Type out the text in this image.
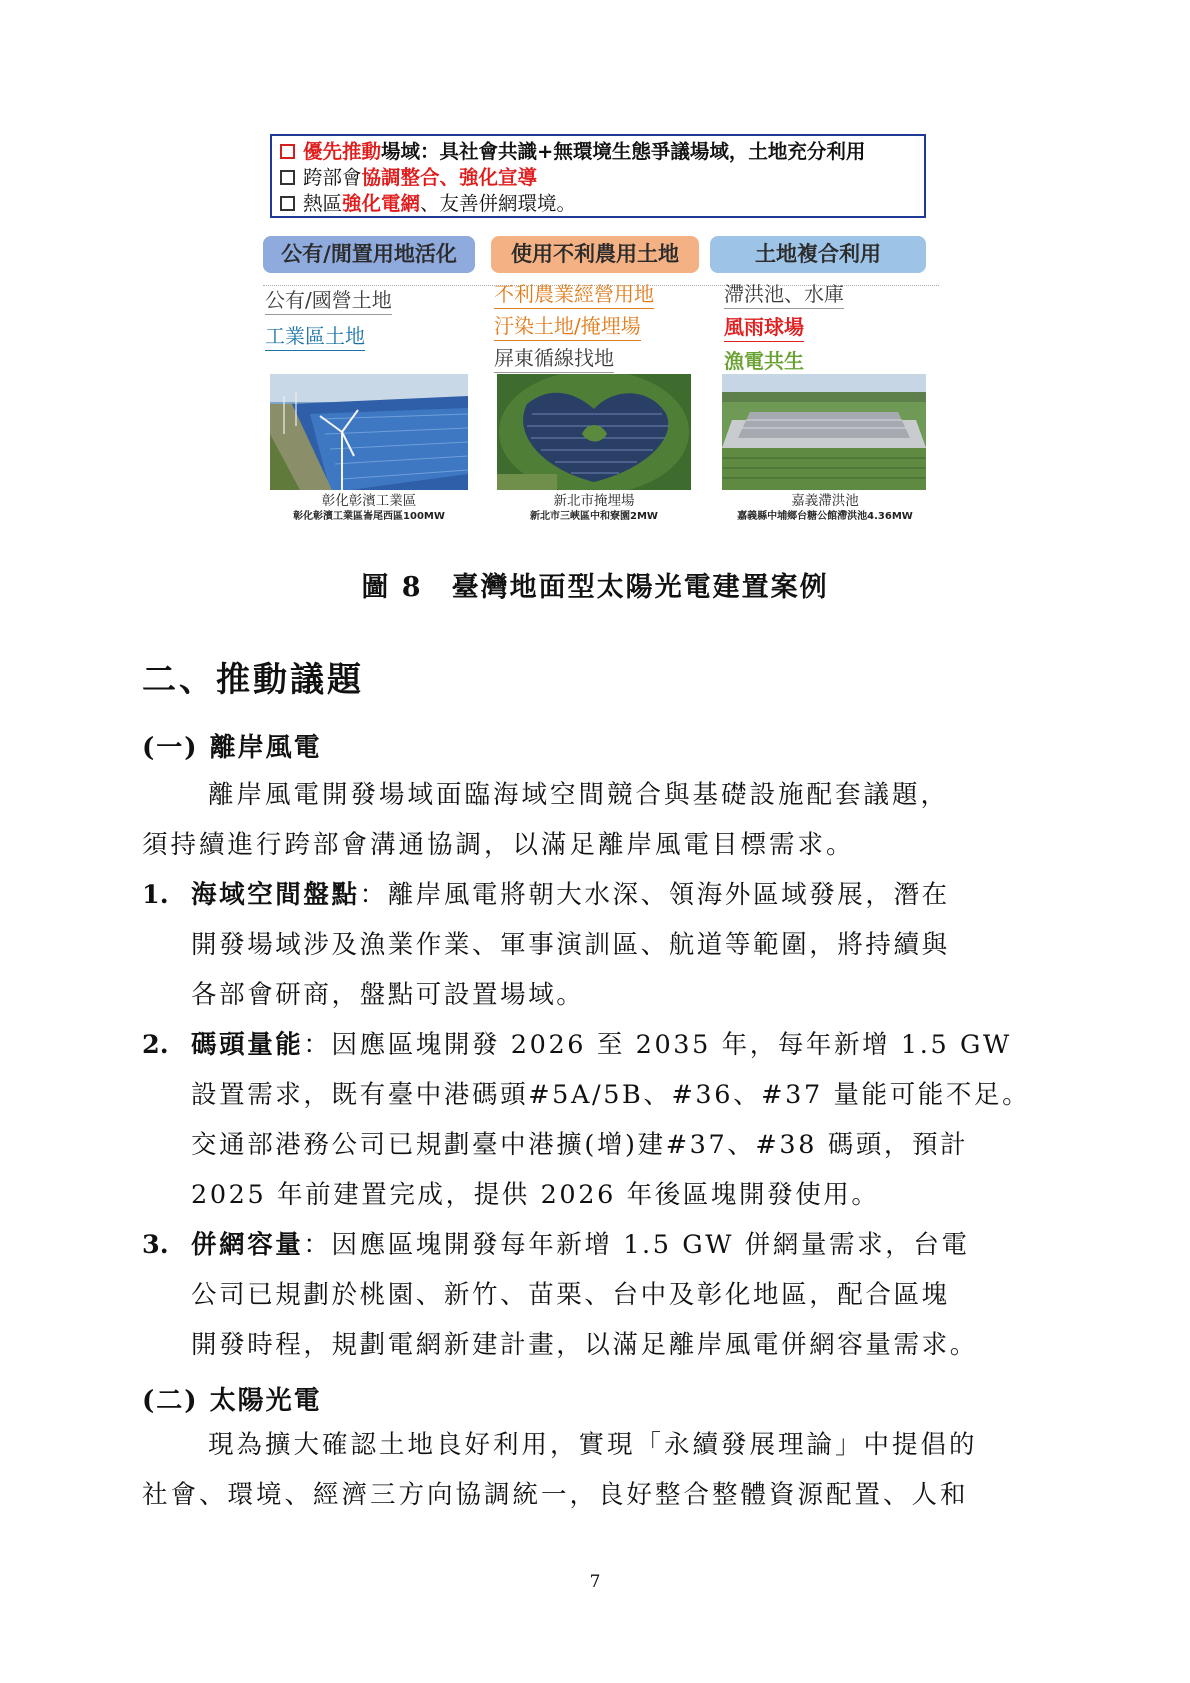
優先推動場域：具社會共識+無環境生態爭議場域，土地充分利用
跨部會協調整合、強化宣導
熱區強化電網、友善併網環境。
公有/閒置用地活化	使用不利農用土地	土地複合利用
公有/國營土地
工業區土地
不利農業經營用地
汙染土地/掩埋場
屏東循線找地
滯洪池、水庫
風雨球場
漁電共生
彰化彰濱工業區
彰化彰濱工業區崙尾西區100MW
新北市掩埋場
新北市三峽區中和寮園2MW
嘉義滯洪池
嘉義縣中埔鄉台糖公館滯洪池4.36MW
圖 8　臺灣地面型太陽光電建置案例
二、推動議題
(一) 離岸風電
離岸風電開發場域面臨海域空間競合與基礎設施配套議題，
須持續進行跨部會溝通協調，以滿足離岸風電目標需求。
1. 海域空間盤點：離岸風電將朝大水深、領海外區域發展，潛在
開發場域涉及漁業作業、軍事演訓區、航道等範圍，將持續與
各部會研商，盤點可設置場域。
2. 碼頭量能：因應區塊開發 2026 至 2035 年，每年新增 1.5 GW
設置需求，既有臺中港碼頭#5A/5B、#36、#37 量能可能不足。
交通部港務公司已規劃臺中港擴(增)建#37、#38 碼頭，預計
2025 年前建置完成，提供 2026 年後區塊開發使用。
3. 併網容量：因應區塊開發每年新增 1.5 GW 併網量需求，台電
公司已規劃於桃園、新竹、苗栗、台中及彰化地區，配合區塊
開發時程，規劃電網新建計畫，以滿足離岸風電併網容量需求。
(二) 太陽光電
現為擴大確認土地良好利用，實現「永續發展理論」中提倡的
社會、環境、經濟三方向協調統一，良好整合整體資源配置、人和
7
